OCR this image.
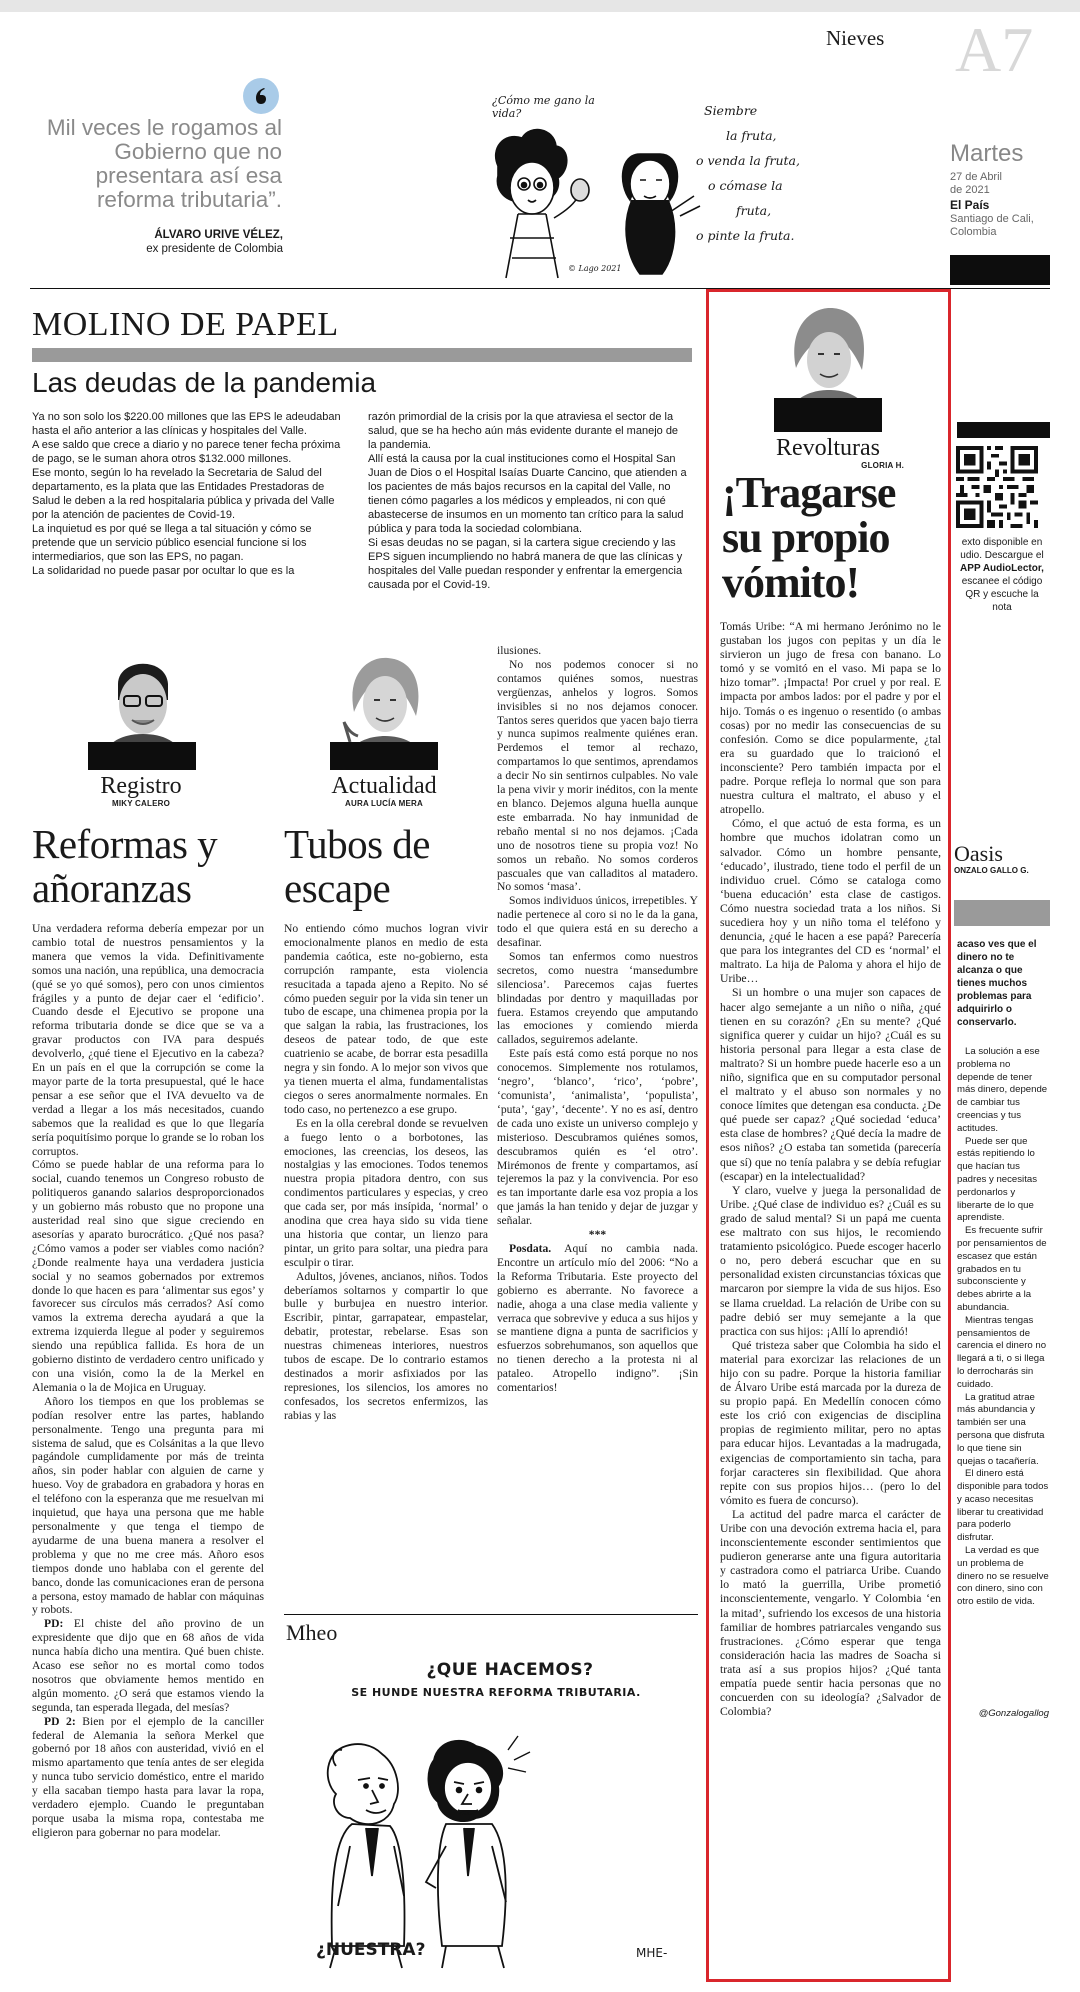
Nieves A7
Mil veces le rogamos al Gobierno que no presentara así esa reforma tributaria”.
ÁLVARO URIVE VÉLEZ,
ex presidente de Colombia
¿Cómo me gano la vida?	Siembre
la fruta,
o venda la fruta,
o cómase la
fruta,
o pinte la fruta.
© Lago 2021
Martes
27 de Abril
de 2021
El País
Santiago de Cali,
Colombia
MOLINO DE PAPEL
Las deudas de la pandemia
Ya no son solo los $220.00 millones que las EPS le adeudaban hasta el año anterior a las clínicas y hospitales del Valle.
A ese saldo que crece a diario y no parece tener fecha próxima de pago, se le suman ahora otros $132.000 millones.
Ese monto, según lo ha revelado la Secretaria de Salud del departamento, es la plata que las Entidades Prestadoras de Salud le deben a la red hospitalaria pública y privada del Valle por la atención de pacientes de Covid-19.
La inquietud es por qué se llega a tal situación y cómo se pretende que un servicio público esencial funcione si los intermediarios, que son las EPS, no pagan.
La solidaridad no puede pasar por ocultar lo que es la
razón primordial de la crisis por la que atraviesa el sector de la salud, que se ha hecho aún más evidente durante el manejo de la pandemia.
Allí está la causa por la cual instituciones como el Hospital San Juan de Dios o el Hospital Isaías Duarte Cancino, que atienden a los pacientes de más bajos recursos en la capital del Valle, no tienen cómo pagarles a los médicos y empleados, ni con qué abastecerse de insumos en un momento tan crítico para la salud pública y para toda la sociedad colombiana.
Si esas deudas no se pagan, si la cartera sigue creciendo y las EPS siguen incumpliendo no habrá manera de que las clínicas y hospitales del Valle puedan responder y enfrentar la emergencia causada por el Covid-19.
Registro
MIKY CALERO
Reformas y
añoranzas

Una verdadera reforma debería empezar por un cambio total de nuestros pensamientos y la manera que vemos la vida. Definitivamente somos una nación, una república, una democracia (qué se yo qué somos), pero con unos cimientos frágiles y a punto de dejar caer el ‘edificio’. Cuando desde el Ejecutivo se propone una reforma tributaria donde se dice que se va a gravar productos con IVA para después devolverlo, ¿qué tiene el Ejecutivo en la cabeza? En un país en el que la corrupción se come la mayor parte de la torta presupuestal, qué le hace pensar a ese señor que el IVA devuelto va de verdad a llegar a los más necesitados, cuando sabemos que la realidad es que lo que llegaría sería poquitísimo porque lo grande se lo roban los corruptos.

Cómo se puede hablar de una reforma para lo social, cuando tenemos un Congreso robusto de politiqueros ganando salarios desproporcionados y un gobierno más robusto que no propone una austeridad real sino que sigue creciendo en asesorías y aparato burocrático. ¿Qué nos pasa? ¿Cómo vamos a poder ser viables como nación? ¿Donde realmente haya una verdadera justicia social y no seamos gobernados por extremos donde lo que hacen es para ‘alimentar sus egos’ y favorecer sus círculos más cerrados? Así como vamos la extrema derecha ayudará a que la extrema izquierda llegue al poder y seguiremos siendo una república fallida. Es hora de un gobierno distinto de verdadero centro unificado y con una visión, como la de la Merkel en Alemania o la de Mojica en Uruguay.

Añoro los tiempos en que los problemas se podían resolver entre las partes, hablando personalmente. Tengo una pregunta para mi sistema de salud, que es Colsánitas a la que llevo pagándole cumplidamente por más de treinta años, sin poder hablar con alguien de carne y hueso. Voy de grabadora en grabadora y horas en el teléfono con la esperanza que me resuelvan mi inquietud, que haya una persona que me hable personalmente y que tenga el tiempo de ayudarme de una buena manera a resolver el problema y que no me cree más. Añoro esos tiempos donde uno hablaba con el gerente del banco, donde las comunicaciones eran de persona a persona, estoy mamado de hablar con máquinas y robots.

PD: El chiste del año provino de un expresidente que dijo que en 68 años de vida nunca había dicho una mentira. Qué buen chiste. Acaso ese señor no es mortal como todos nosotros que obviamente hemos mentido en algún momento. ¿O será que estamos viendo la segunda, tan esperada llegada, del mesías?

PD 2: Bien por el ejemplo de la canciller federal de Alemania la señora Merkel que gobernó por 18 años con austeridad, vivió en el mismo apartamento que tenía antes de ser elegida y nunca tubo servicio doméstico, entre el marido y ella sacaban tiempo hasta para lavar la ropa, verdadero ejemplo. Cuando le preguntaban porque usaba la misma ropa, contestaba me eligieron para gobernar no para modelar.

Actualidad
AURA LUCÍA MERA
Tubos de
escape

No entiendo cómo muchos logran vivir emocionalmente planos en medio de esta pandemia caótica, este no-gobierno, esta corrupción rampante, esta violencia resucitada a tapada ajeno a Repito. No sé cómo pueden seguir por la vida sin tener un tubo de escape, una chimenea propia por la que salgan la rabia, las frustraciones, los deseos de patear todo, de que este cuatrienio se acabe, de borrar esta pesadilla negra y sin fondo. A lo mejor son vivos que ya tienen muerta el alma, fundamentalistas ciegos o seres anormalmente normales. En todo caso, no pertenezco a ese grupo.

Es en la olla cerebral donde se revuelven a fuego lento o a borbotones, las emociones, las creencias, los deseos, las nostalgias y las emociones. Todos tenemos nuestra propia pitadora dentro, con sus condimentos particulares y especias, y creo que cada ser, por más insípida, ‘normal’ o anodina que crea haya sido su vida tiene una historia que contar, un lienzo para pintar, un grito para soltar, una piedra para esculpir o tirar.

Adultos, jóvenes, ancianos, niños. Todos deberíamos soltarnos y compartir lo que bulle y burbujea en nuestro interior. Escribir, pintar, garrapatear, empastelar, debatir, protestar, rebelarse. Esas son nuestras chimeneas interiores, nuestros tubos de escape. De lo contrario estamos destinados a morir asfixiados por las represiones, los silencios, los amores no confesados, los secretos enfermizos, las rabias y las

ilusiones.

No nos podemos conocer si no contamos quiénes somos, nuestras vergüenzas, anhelos y logros. Somos invisibles si no nos dejamos conocer. Tantos seres queridos que yacen bajo tierra y nunca supimos realmente quiénes eran. Perdemos el temor al rechazo, compartamos lo que sentimos, aprendamos a decir No sin sentirnos culpables. No vale la pena vivir y morir inéditos, con la mente en blanco. Dejemos alguna huella aunque este embarrada. No hay inmunidad de rebaño mental si no nos dejamos. ¡Cada uno de nosotros tiene su propia voz! No somos un rebaño. No somos corderos pascuales que van calladitos al matadero. No somos ‘masa’.

Somos individuos únicos, irrepetibles. Y nadie pertenece al coro si no le da la gana, todo el que quiera está en su derecho a desafinar.

Somos tan enfermos como nuestros secretos, como nuestra ‘mansedumbre silenciosa’. Parecemos cajas fuertes blindadas por dentro y maquilladas por fuera. Estamos creyendo que amputando las emociones y comiendo mierda callados, seguiremos adelante.

Este país está como está porque no nos conocemos. Simplemente nos rotulamos, ‘negro’, ‘blanco’, ‘rico’, ‘pobre’, ‘comunista’, ‘animalista’, ‘populista’, ‘puta’, ‘gay’, ‘decente’. Y no es así, dentro de cada uno existe un universo complejo y misterioso. Descubramos quiénes somos, descubramos quién es ‘el otro’. Mirémonos de frente y compartamos, así tejeremos la paz y la convivencia. Por eso es tan importante darle esa voz propia a los que jamás la han tenido y dejar de juzgar y señalar.

***

Posdata. Aquí no cambia nada. Encontre un artículo mío del 2006: “No a la Reforma Tributaria. Este proyecto del gobierno es aberrante. No favorece a nadie, ahoga a una clase media valiente y verraca que sobrevive y educa a sus hijos y se mantiene digna a punta de sacrificios y esfuerzos sobrehumanos, son aquellos que no tienen derecho a la protesta ni al pataleo. Atropello indigno”. ¡Sin comentarios!

Mheo
¿QUE HACEMOS?
SE HUNDE NUESTRA REFORMA TRIBUTARIA.
¿NUESTRA?	MHE-
Revolturas
GLORIA H.
¡Tragarse
su propio
vómito!

Tomás Uribe: “A mi hermano Jerónimo no le gustaban los jugos con pepitas y un día le sirvieron un jugo de fresa con banano. Lo tomó y se vomitó en el vaso. Mi papa se lo hizo tomar”. ¡Impacta! Por cruel y por real. E impacta por ambos lados: por el padre y por el hijo. Tomás o es ingenuo o resentido (o ambas cosas) por no medir las consecuencias de su confesión. Como se dice popularmente, ¿tal era su guardado que lo traicionó el inconsciente? Pero también impacta por el padre. Porque refleja lo normal que son para nuestra cultura el maltrato, el abuso y el atropello.

Cómo, el que actuó de esta forma, es un hombre que muchos idolatran como un salvador. Cómo un hombre pensante, ‘educado’, ilustrado, tiene todo el perfil de un individuo cruel. Cómo se cataloga como ‘buena educación’ esta clase de castigos. Cómo nuestra sociedad trata a los niños. Si sucediera hoy y un niño toma el teléfono y denuncia, ¿qué le hacen a ese papá? Parecería que para los integrantes del CD es ‘normal’ el maltrato. La hija de Paloma y ahora el hijo de Uribe…

Si un hombre o una mujer son capaces de hacer algo semejante a un niño o niña, ¿qué tienen en su corazón? ¿En su mente? ¿Qué significa querer y cuidar un hijo? ¿Cuál es su historia personal para llegar a esta clase de maltrato? Si un hombre puede hacerle eso a un niño, significa que en su computador personal el maltrato y el abuso son normales y no conoce límites que detengan esa conducta. ¿De qué puede ser capaz? ¿Qué sociedad ‘educa’ esta clase de hombres? ¿Qué decía la madre de esos niños? ¿O estaba tan sometida (parecería que sí) que no tenía palabra y se debía refugiar (escapar) en la intelectualidad?

Y claro, vuelve y juega la personalidad de Uribe. ¿Qué clase de individuo es? ¿Cuál es su grado de salud mental? Si un papá me cuenta ese maltrato con sus hijos, le recomiendo tratamiento psicológico. Puede escoger hacerlo o no, pero deberá escuchar que en su personalidad existen circunstancias tóxicas que marcaron por siempre la vida de sus hijos. Eso se llama crueldad. La relación de Uribe con su padre debió ser muy semejante a la que practica con sus hijos: ¡Allí lo aprendió!

Qué tristeza saber que Colombia ha sido el material para exorcizar las relaciones de un hijo con su padre. Porque la historia familiar de Álvaro Uribe está marcada por la dureza de su propio papá. En Medellín conocen cómo este los crió con exigencias de disciplina propias de regimiento militar, pero no aptas para educar hijos. Levantadas a la madrugada, exigencias de comportamiento sin tacha, para forjar caracteres sin flexibilidad. Que ahora repite con sus propios hijos… (pero lo del vómito es fuera de concurso).

La actitud del padre marca el carácter de Uribe con una devoción extrema hacia el, para inconscientemente esconder sentimientos que pudieron generarse ante una figura autoritaria y castradora como el patriarca Uribe. Cuando lo mató la guerrilla, Uribe prometió inconscientemente, vengarlo. Y Colombia ‘en la mitad’, sufriendo los excesos de una historia familiar de hombres patriarcales vengando sus frustraciones. ¿Cómo esperar que tenga consideración hacia las madres de Soacha si trata así a sus propios hijos? ¿Qué tanta empatía puede sentir hacia personas que no concuerden con su ideología? ¿Salvador de Colombia?

exto disponible en
udio. Descargue el
APP AudioLector,
escanee el código
QR y escuche la
nota
Oasis
ONZALO GALLO G.
acaso ves que el dinero no te alcanza o que tienes muchos problemas para adquirirlo o conservarlo.

La solución a ese problema no depende de tener más dinero, depende de cambiar tus creencias y tus actitudes.

Puede ser que estás repitiendo lo que hacían tus padres y necesitas perdonarlos y liberarte de lo que aprendiste.

Es frecuente sufrir por pensamientos de escasez que están grabados en tu subconsciente y debes abrirte a la abundancia.

Mientras tengas pensamientos de carencia el dinero no llegará a ti, o si llega lo derrocharás sin cuidado.

La gratitud atrae más abundancia y también ser una persona que disfruta lo que tiene sin quejas o tacañería.

El dinero está disponible para todos y acaso necesitas liberar tu creatividad para poderlo disfrutar.

La verdad es que un problema de dinero no se resuelve con dinero, sino con otro estilo de vida.

@Gonzalogallog
